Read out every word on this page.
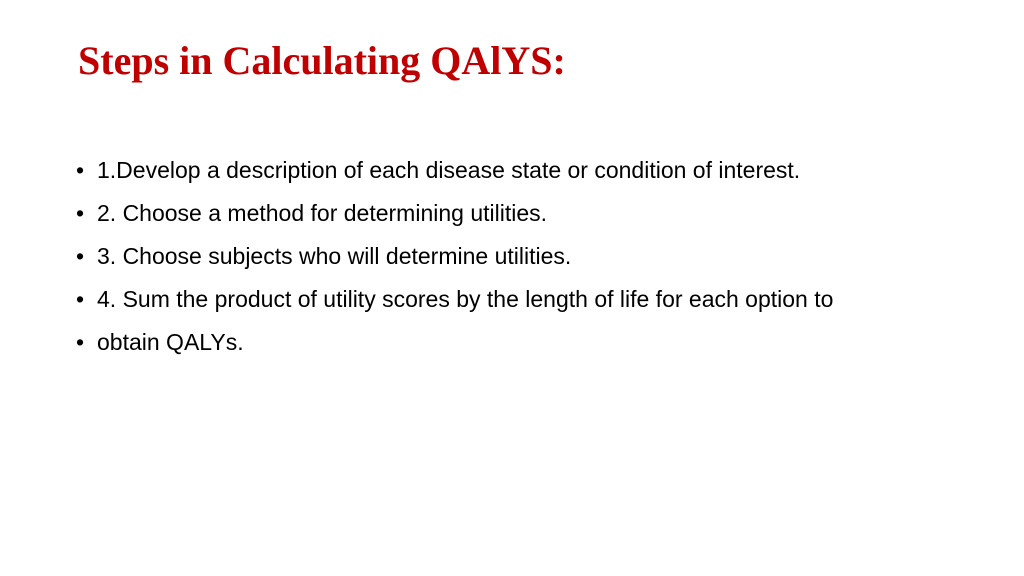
Steps in Calculating QAlYS:
• 1.Develop a description of each disease state or condition of interest.
• 2. Choose a method for determining utilities.
• 3. Choose subjects who will determine utilities.
• 4. Sum the product of utility scores by the length of life for each option to
• obtain QALYs.
